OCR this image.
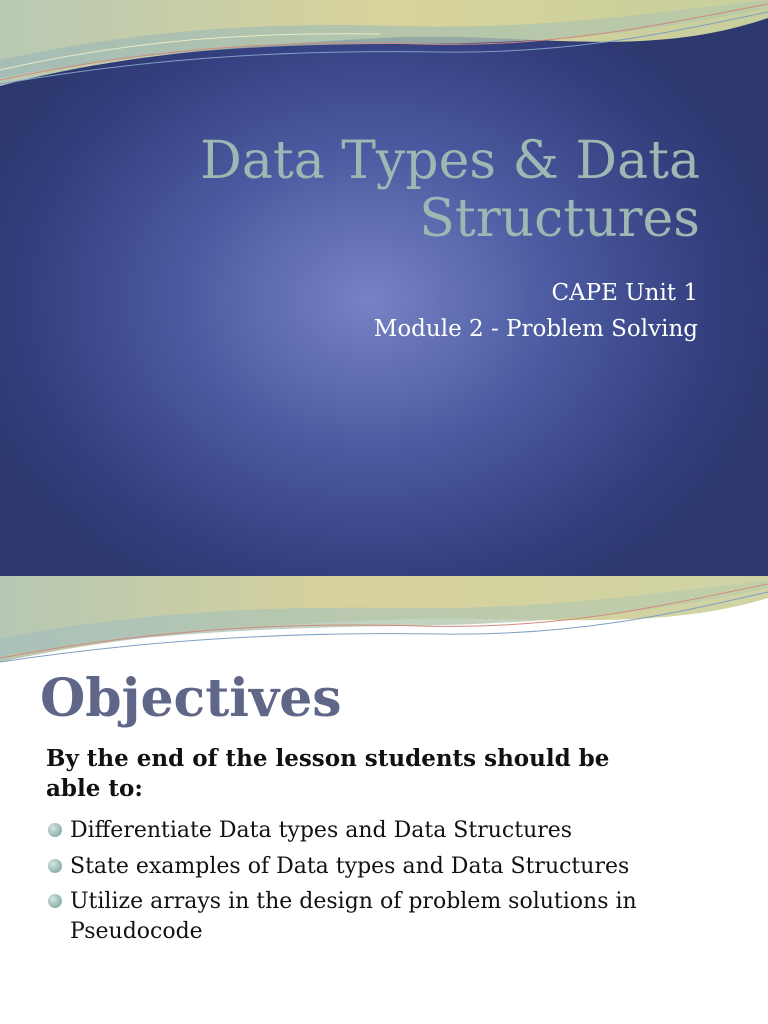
Data Types & Data
Structures

CAPE Unit 1

Module 2 - Problem Solving

Objectives

By the end of the lesson students should be
able to:

Differentiate Data types and Data Structures
State examples of Data types and Data Structures
Utilize arrays in the design of problem solutions in
Pseudocode
